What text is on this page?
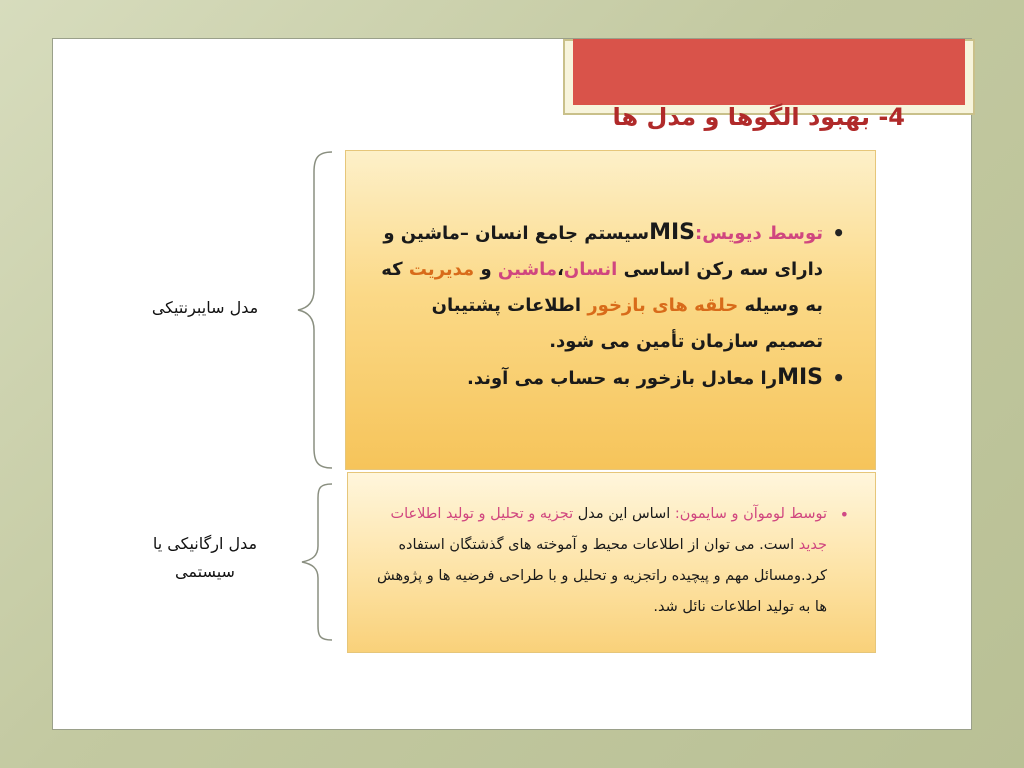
4- بهبود الگوها و مدل ها

•
توسط دیویس:MISسیستم جامع انسان –ماشین و دارای سه رکن اساسی انسان،ماشین و مدیریت که به وسیله حلقه های بازخور اطلاعات پشتیبان تصمیم سازمان تأمین می شود.

•
MISرا معادل بازخور به حساب می آوند.

•
توسط لوموآن و سایمون: اساس این مدل تجزیه و تحلیل و تولید اطلاعات جدید است. می توان از اطلاعات محیط و آموخته های گذشتگان استفاده کرد.ومسائل مهم و پیچیده راتجزیه و تحلیل و با طراحی فرضیه ها و پژوهش ها به تولید اطلاعات نائل شد.

مدل سایبرنتیکی
مدل ارگانیکی یا
سیستمی
